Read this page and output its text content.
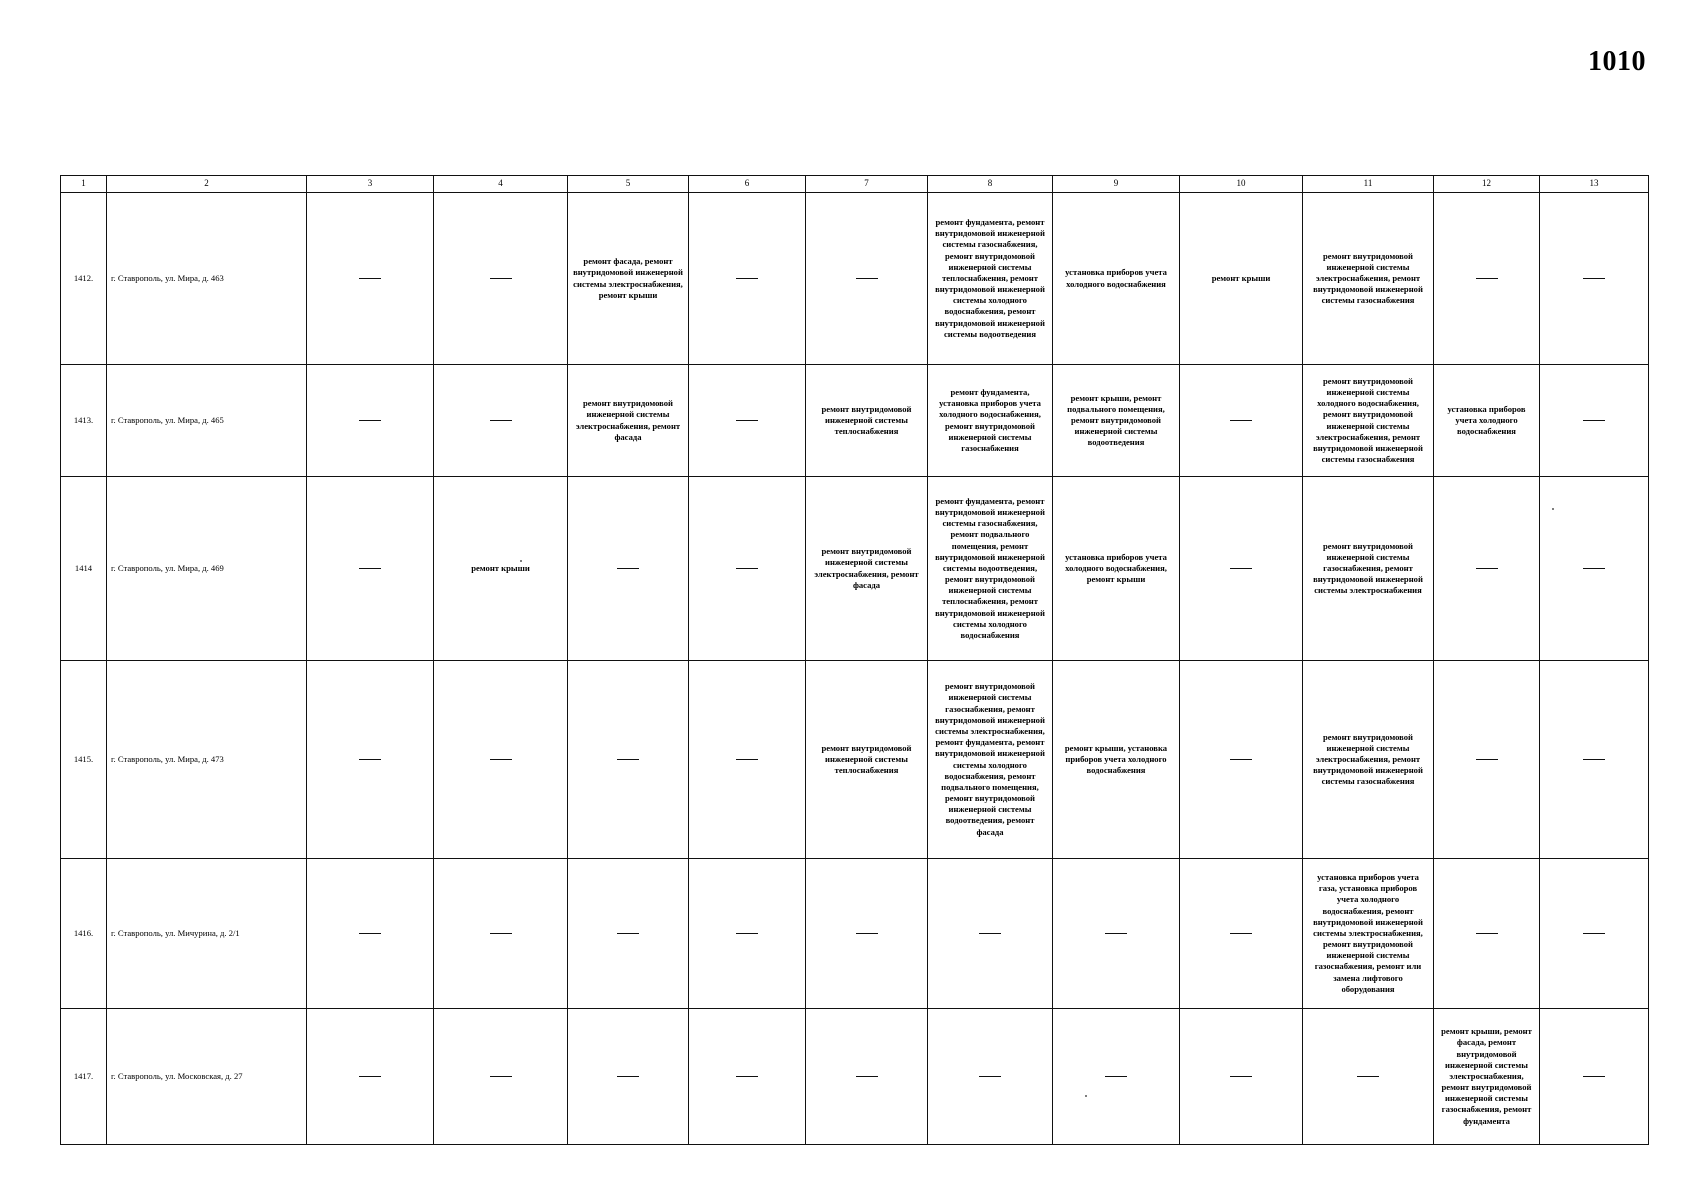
1010
1	2	3	4	5	6	7	8	9	10	11	12	13
1412.	г. Ставрополь, ул. Мира, д. 463			ремонт фасада, ремонт внутридомовой инженерной системы электроснабжения, ремонт крыши			ремонт фундамента, ремонт внутридомовой инженерной системы газоснабжения, ремонт внутридомовой инженерной системы теплоснабжения, ремонт внутридомовой инженерной системы холодного водоснабжения, ремонт внутридомовой инженерной системы водоотведения	установка приборов учета холодного водоснабжения	ремонт крыши	ремонт внутридомовой инженерной системы электроснабжения, ремонт внутридомовой инженерной системы газоснабжения		
1413.	г. Ставрополь, ул. Мира, д. 465			ремонт внутридомовой инженерной системы электроснабжения, ремонт фасада		ремонт внутридомовой инженерной системы теплоснабжения	ремонт фундамента, установка приборов учета холодного водоснабжения, ремонт внутридомовой инженерной системы газоснабжения	ремонт крыши, ремонт подвального помещения, ремонт внутридомовой инженерной системы водоотведения		ремонт внутридомовой инженерной системы холодного водоснабжения, ремонт внутридомовой инженерной системы электроснабжения, ремонт внутридомовой инженерной системы газоснабжения	установка приборов учета холодного водоснабжения	
1414	г. Ставрополь, ул. Мира, д. 469		ремонт крыши			ремонт внутридомовой инженерной системы электроснабжения, ремонт фасада	ремонт фундамента, ремонт внутридомовой инженерной системы газоснабжения, ремонт подвального помещения, ремонт внутридомовой инженерной системы водоотведения, ремонт внутридомовой инженерной системы теплоснабжения, ремонт внутридомовой инженерной системы холодного водоснабжения	установка приборов учета холодного водоснабжения, ремонт крыши		ремонт внутридомовой инженерной системы газоснабжения, ремонт внутридомовой инженерной системы электроснабжения		
1415.	г. Ставрополь, ул. Мира, д. 473					ремонт внутридомовой инженерной системы теплоснабжения	ремонт внутридомовой инженерной системы газоснабжения, ремонт внутридомовой инженерной системы электроснабжения, ремонт фундамента, ремонт внутридомовой инженерной системы холодного водоснабжения, ремонт подвального помещения, ремонт внутридомовой инженерной системы водоотведения, ремонт фасада	ремонт крыши, установка приборов учета холодного водоснабжения		ремонт внутридомовой инженерной системы электроснабжения, ремонт внутридомовой инженерной системы газоснабжения		
1416.	г. Ставрополь, ул. Мичурина, д. 2/1									установка приборов учета газа, установка приборов учета холодного водоснабжения, ремонт внутридомовой инженерной системы электроснабжения, ремонт внутридомовой инженерной системы газоснабжения, ремонт или замена лифтового оборудования		
1417.	г. Ставрополь, ул. Московская, д. 27										ремонт крыши, ремонт фасада, ремонт внутридомовой инженерной системы электроснабжения, ремонт внутридомовой инженерной системы газоснабжения, ремонт фундамента	
